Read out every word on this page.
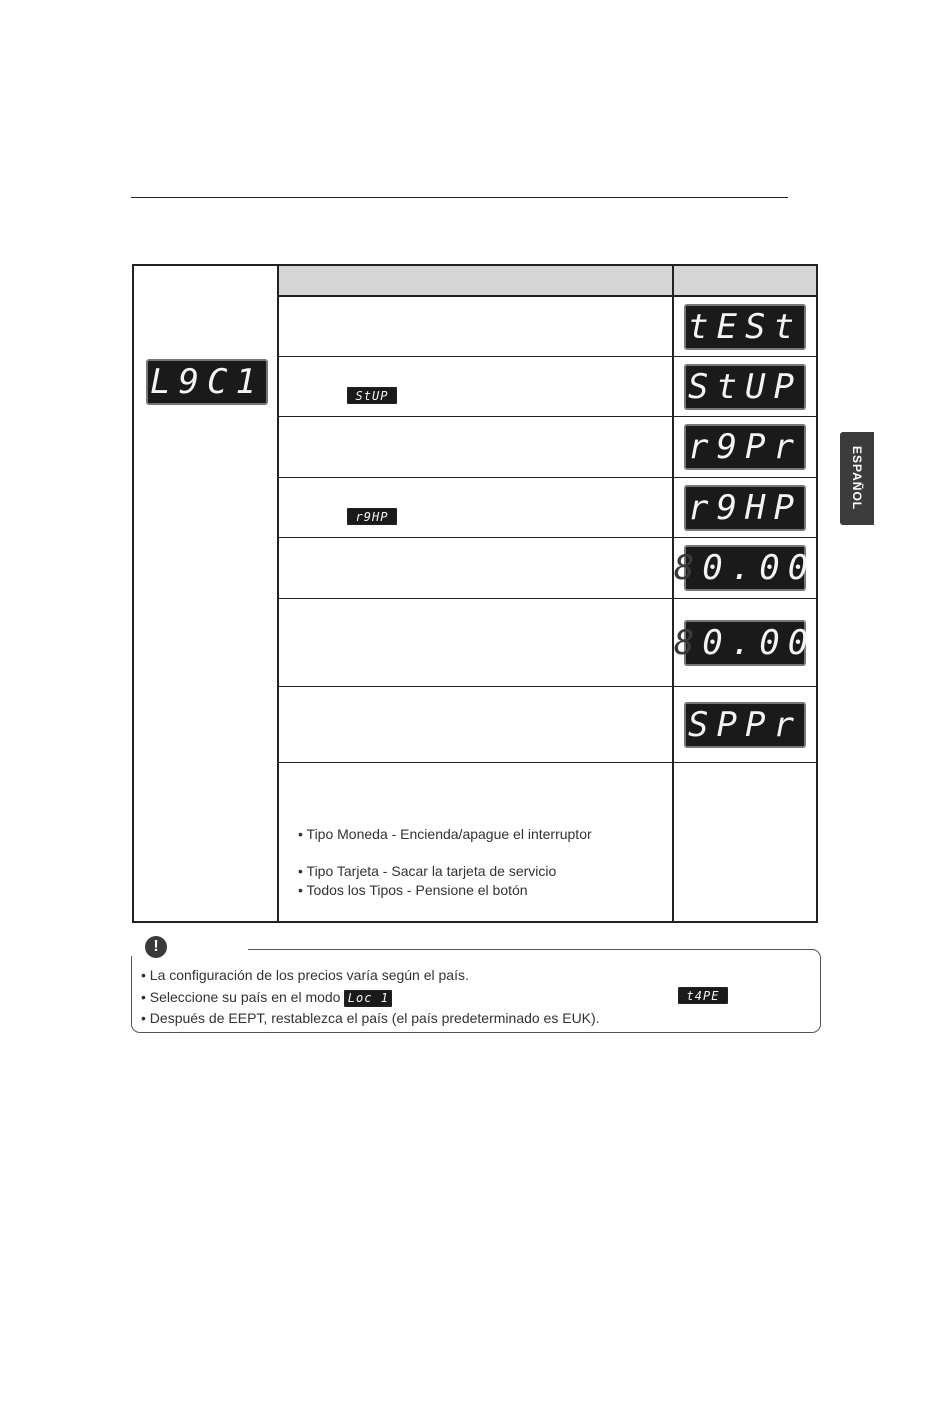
ESPAÑOL
L9C1
tESt
StUP	StUP
r9Pr
r9HP	r9HP
8 0.00
8 0.00
SPPr
• Tipo Moneda - Encienda/apague el interruptor
• Tipo Tarjeta - Sacar la tarjeta de servicio
• Todos los Tipos - Pensione el botón
!
• La configuración de los precios varía según el país.
• Seleccione su país en el modo Loc 1
• Después de EEPT, restablezca el país (el país predeterminado es EUK).
t4PE
